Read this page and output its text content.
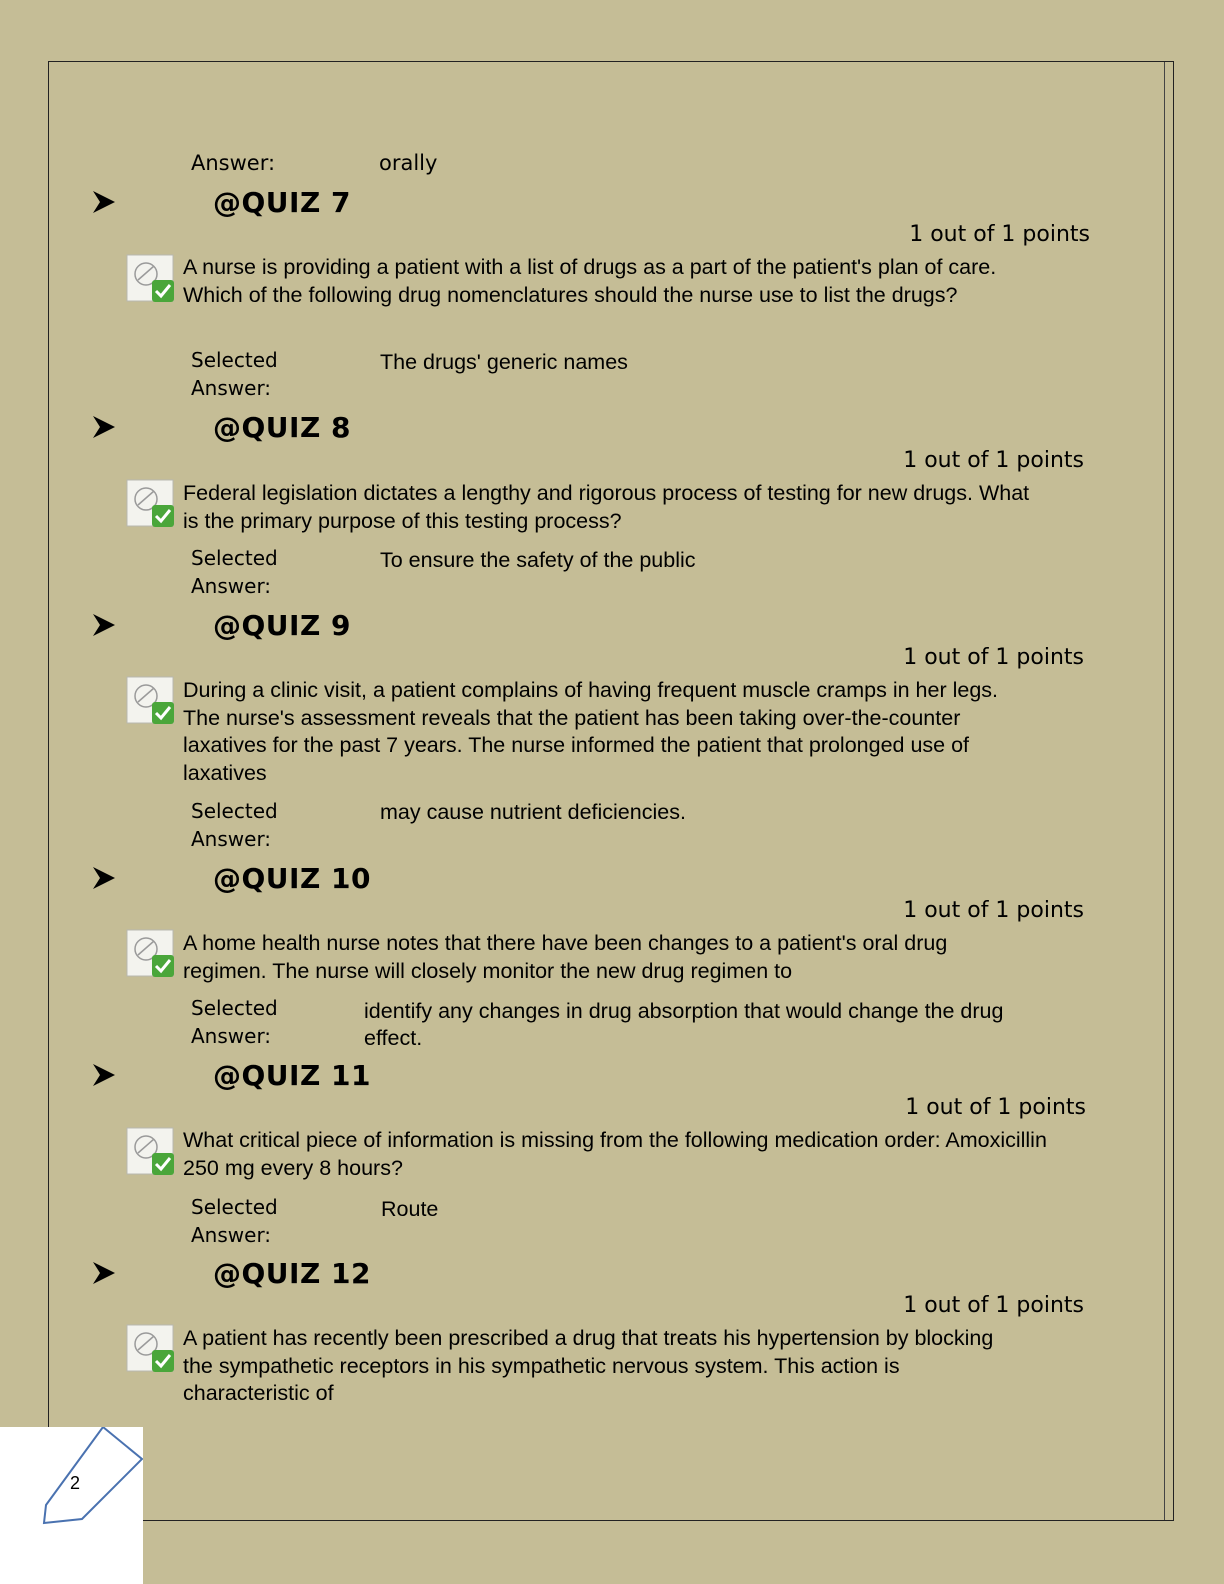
Answer:	orally
@QUIZ 7
1 out of 1 points
A nurse is providing a patient with a list of drugs as a part of the patient's plan of care. Which of the following drug nomenclatures should the nurse use to list the drugs?
Selected Answer:
The drugs' generic names
@QUIZ 8
1 out of 1 points
Federal legislation dictates a lengthy and rigorous process of testing for new drugs. What is the primary purpose of this testing process?
Selected Answer:
To ensure the safety of the public
@QUIZ 9
1 out of 1 points
During a clinic visit, a patient complains of having frequent muscle cramps in her legs. The nurse's assessment reveals that the patient has been taking over-the-counter laxatives for the past 7 years. The nurse informed the patient that prolonged use of laxatives
Selected Answer:
may cause nutrient deficiencies.
@QUIZ 10
1 out of 1 points
A home health nurse notes that there have been changes to a patient's oral drug regimen. The nurse will closely monitor the new drug regimen to
Selected Answer:
identify any changes in drug absorption that would change the drug effect.
@QUIZ 11
1 out of 1 points
What critical piece of information is missing from the following medication order: Amoxicillin 250 mg every 8 hours?
Selected Answer:
Route
@QUIZ 12
1 out of 1 points
A patient has recently been prescribed a drug that treats his hypertension by blocking the sympathetic receptors in his sympathetic nervous system. This action is characteristic of
2
